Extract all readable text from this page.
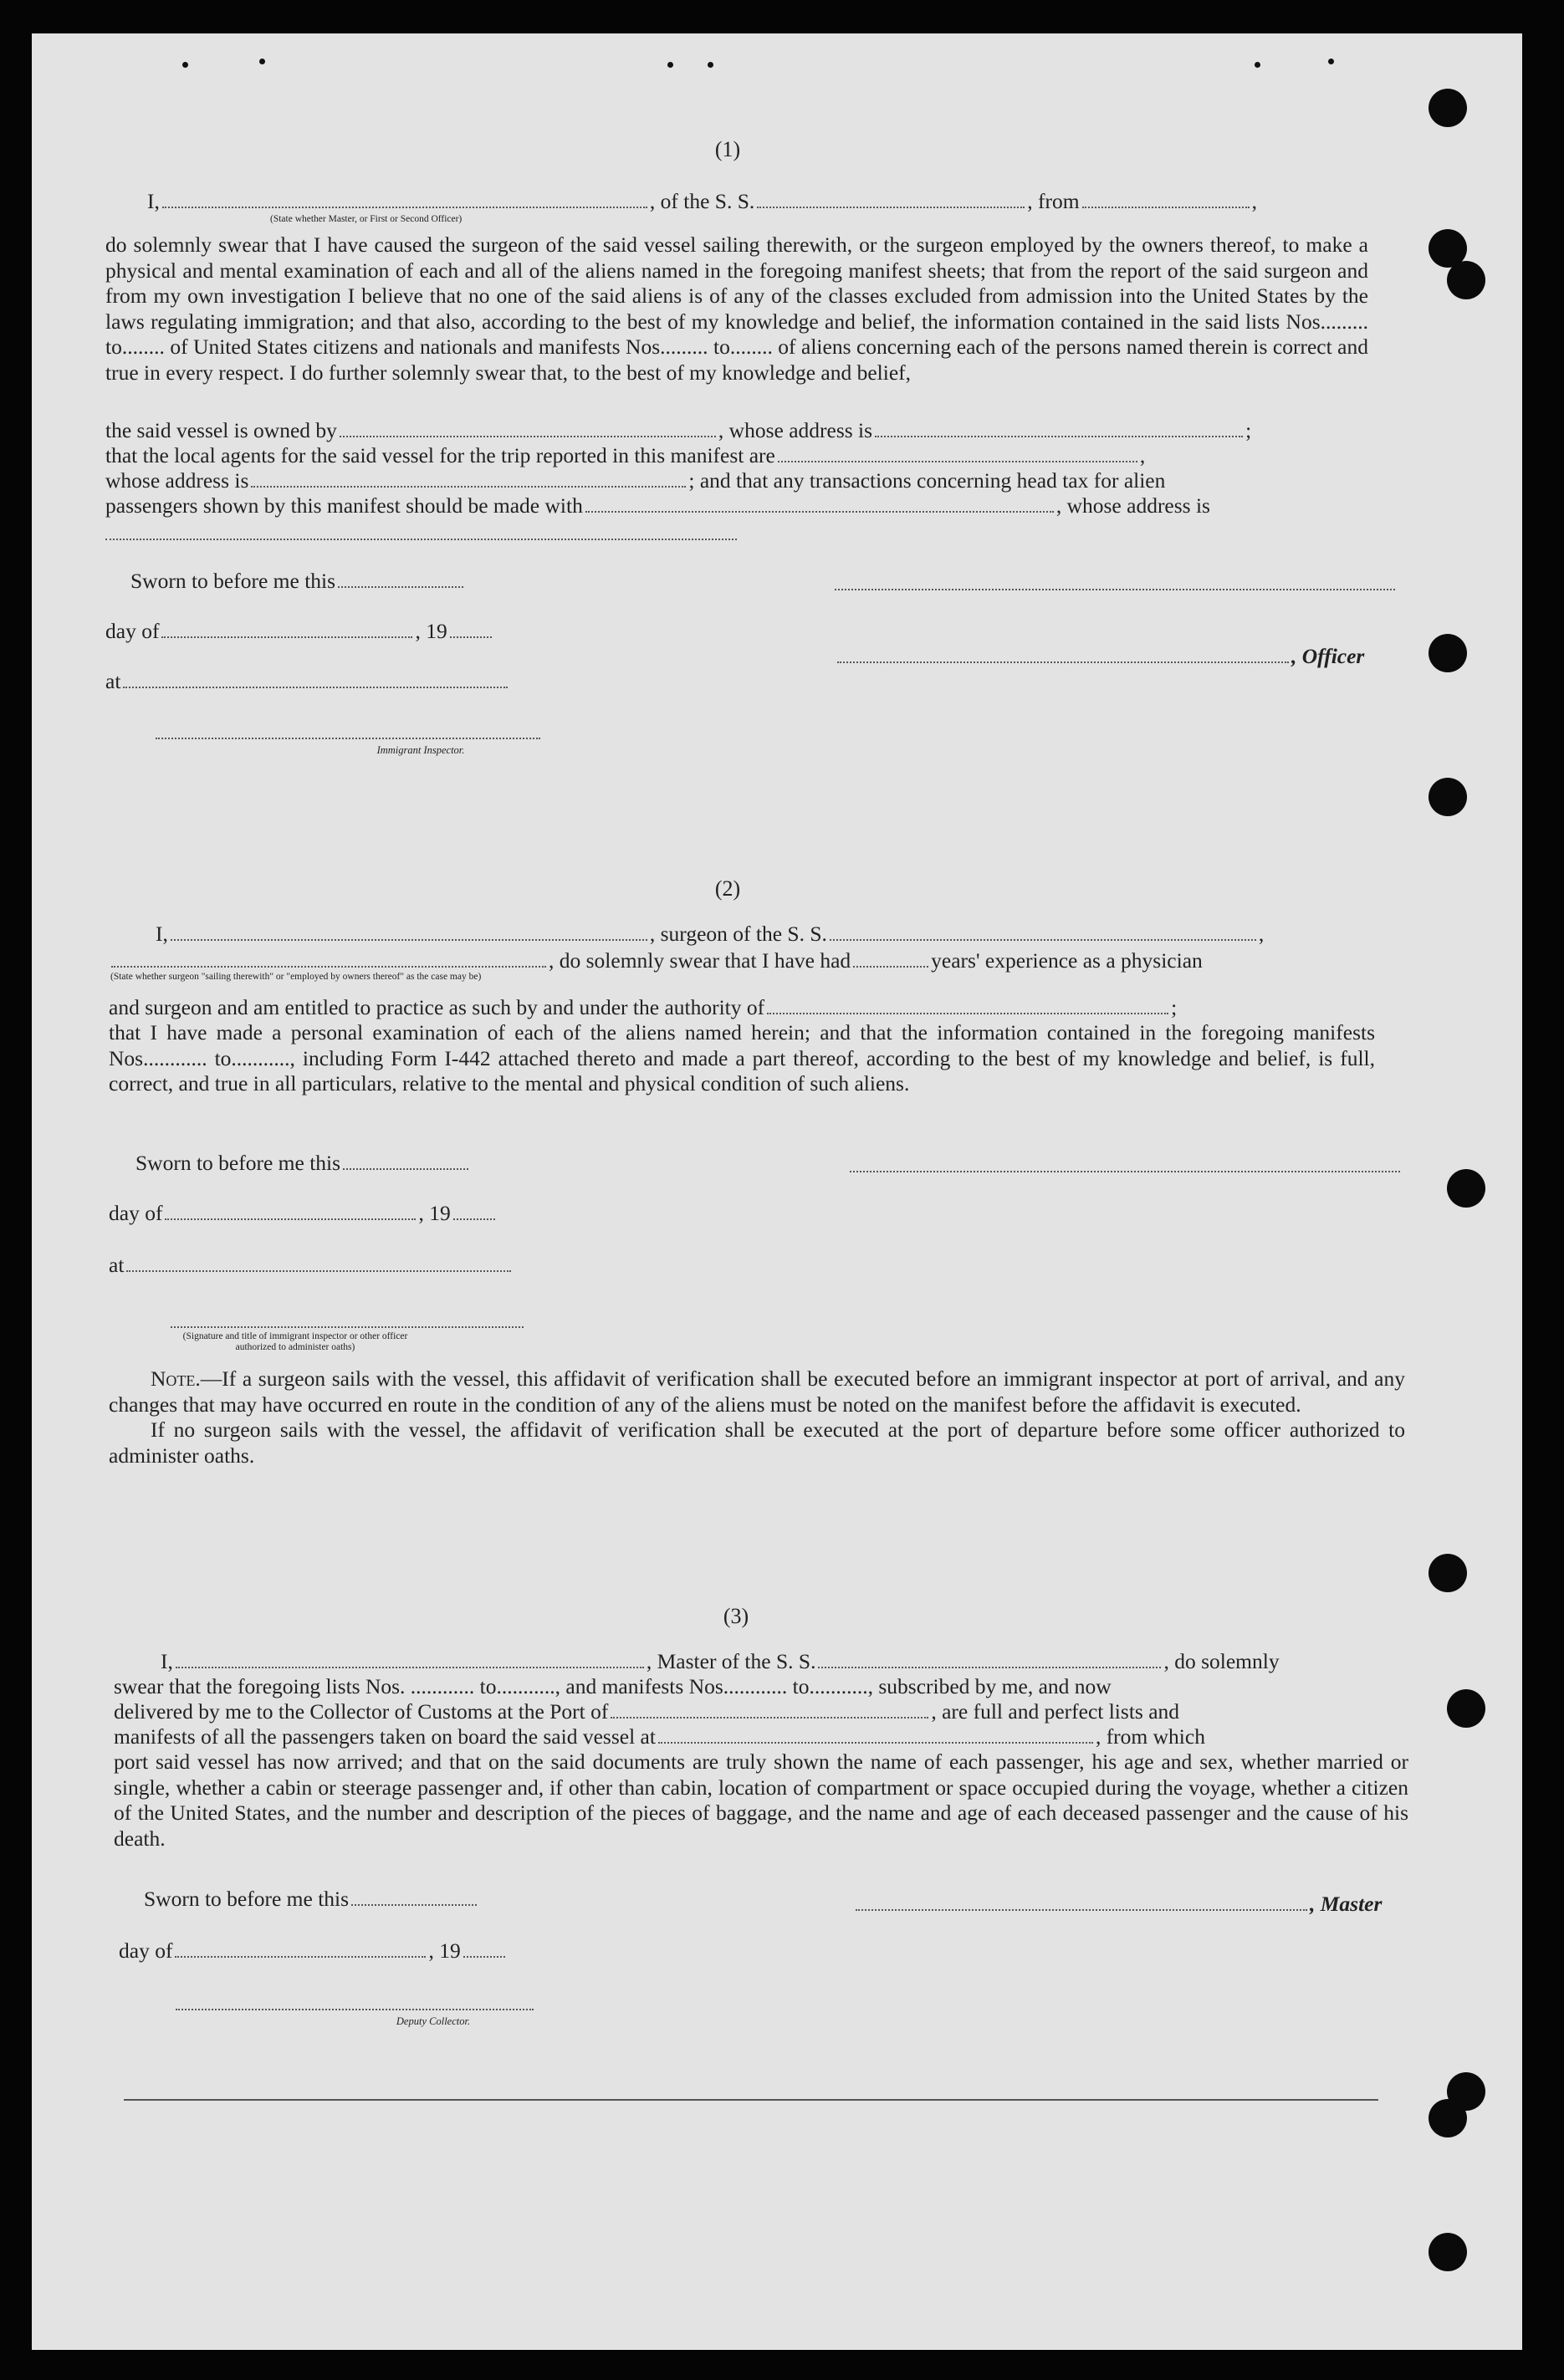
(1)
I,	, of the S. S.	, from	,
(State whether Master, or First or Second Officer)
do solemnly swear that I have caused the surgeon of the said vessel sailing therewith, or the surgeon employed by the owners thereof, to make a physical and mental examination of each and all of the aliens named in the foregoing manifest sheets; that from the report of the said surgeon and from my own investigation I believe that no one of the said aliens is of any of the classes excluded from admission into the United States by the laws regulating immigration; and that also, according to the best of my knowledge and belief, the information contained in the said lists Nos......... to........ of United States citizens and nationals and manifests Nos......... to........ of aliens concerning each of the persons named therein is correct and true in every respect. I do further solemnly swear that, to the best of my knowledge and belief,
the said vessel is owned by	, whose address is	;
that the local agents for the said vessel for the trip reported in this manifest are	,
whose address is	; and that any transactions concerning head tax for alien
passengers shown by this manifest should be made with	, whose address is
Sworn to before me this
day of	, 19
, Officer
at
Immigrant Inspector.
(2)
I,	, surgeon of the S. S.	,
, do solemnly swear that I have had	years' experience as a physician
(State whether surgeon "sailing therewith" or "employed by owners thereof" as the case may be)
and surgeon and am entitled to practice as such by and under the authority of	;
that I have made a personal examination of each of the aliens named herein; and that the information contained in the foregoing manifests Nos............ to..........., including Form I-442 attached thereto and made a part thereof, according to the best of my knowledge and belief, is full, correct, and true in all particulars, relative to the mental and physical condition of such aliens.
Sworn to before me this
day of	, 19
at
(Signature and title of immigrant inspector or other officer authorized to administer oaths)

Note.—If a surgeon sails with the vessel, this affidavit of verification shall be executed before an immigrant inspector at port of arrival, and any changes that may have occurred en route in the condition of any of the aliens must be noted on the manifest before the affidavit is executed.

If no surgeon sails with the vessel, the affidavit of verification shall be executed at the port of departure before some officer authorized to administer oaths.

(3)
I,	, Master of the S. S.	, do solemnly
swear that the foregoing lists Nos. ............ to..........., and manifests Nos............ to..........., subscribed by me, and now
delivered by me to the Collector of Customs at the Port of	, are full and perfect lists and
manifests of all the passengers taken on board the said vessel at	, from which
port said vessel has now arrived; and that on the said documents are truly shown the name of each passenger, his age and sex, whether married or single, whether a cabin or steerage passenger and, if other than cabin, location of compartment or space occupied during the voyage, whether a citizen of the United States, and the number and description of the pieces of baggage, and the name and age of each deceased passenger and the cause of his death.
Sworn to before me this	, Master
day of	, 19
Deputy Collector.
